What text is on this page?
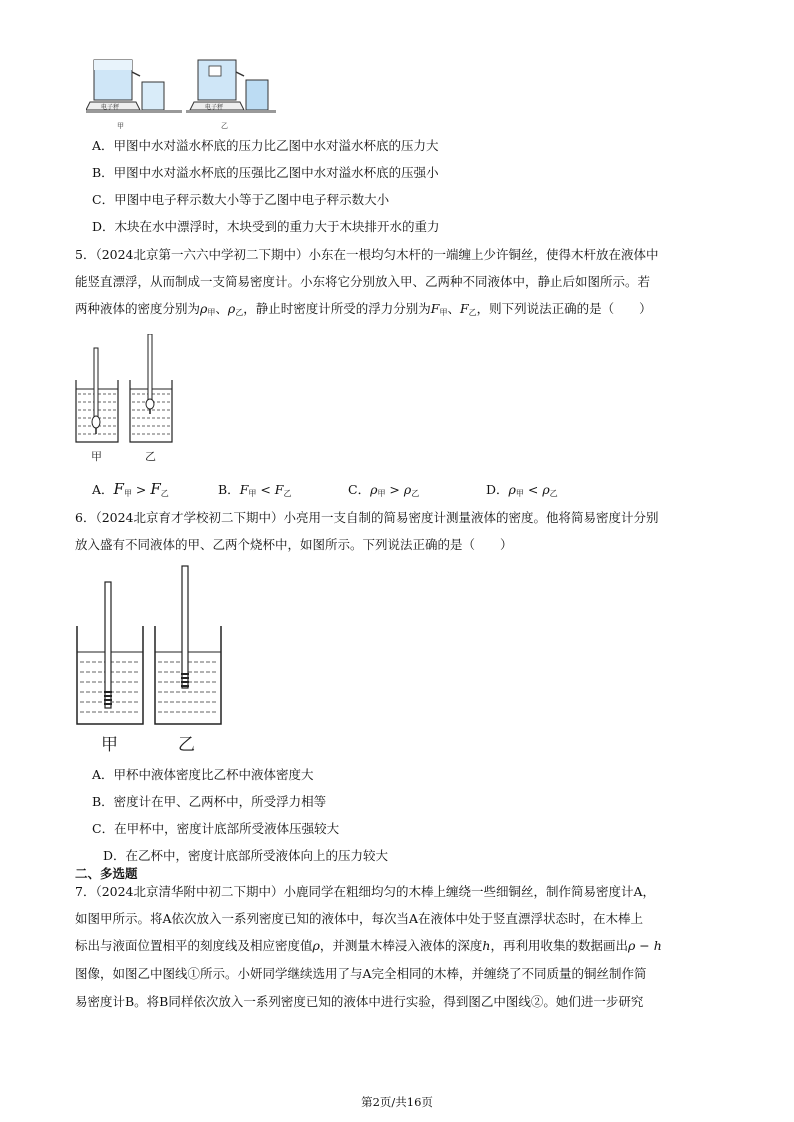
电子秤	电子秤
甲	乙
A．甲图中水对溢水杯底的压力比乙图中水对溢水杯底的压力大
B．甲图中水对溢水杯底的压强比乙图中水对溢水杯底的压强小
C．甲图中电子秤示数大小等于乙图中电子秤示数大小
D．木块在水中漂浮时，木块受到的重力大于木块排开水的重力
5．（2024北京第一六六中学初二下期中）小东在一根均匀木杆的一端缠上少许铜丝，使得木杆放在液体中
能竖直漂浮，从而制成一支简易密度计。小东将它分别放入甲、乙两种不同液体中，静止后如图所示。若
两种液体的密度分别为$\rho_甲$、$\rho_乙$，静止时密度计所受的浮力分别为$F_甲$、$F_乙$，则下列说法正确的是（　　）
甲	乙
A．$F_甲 > F_乙$	B．$F_甲 < F_乙$	C．$\rho_甲 > \rho_乙$	D．$\rho_甲 < \rho_乙$
6．（2024北京育才学校初二下期中）小亮用一支自制的简易密度计测量液体的密度。他将简易密度计分别
放入盛有不同液体的甲、乙两个烧杯中，如图所示。下列说法正确的是（　　）
甲	乙
A．甲杯中液体密度比乙杯中液体密度大
B．密度计在甲、乙两杯中，所受浮力相等
C．在甲杯中，密度计底部所受液体压强较大
D．在乙杯中，密度计底部所受液体向上的压力较大
二、多选题
7．（2024北京清华附中初二下期中）小鹿同学在粗细均匀的木棒上缠绕一些细铜丝，制作简易密度计A，
如图甲所示。将A依次放入一系列密度已知的液体中，每次当A在液体中处于竖直漂浮状态时，在木棒上
标出与液面位置相平的刻度线及相应密度值ρ，并测量木棒浸入液体的深度h，再利用收集的数据画出ρ − h
图像，如图乙中图线①所示。小妍同学继续选用了与A完全相同的木棒，并缠绕了不同质量的铜丝制作简
易密度计B。将B同样依次放入一系列密度已知的液体中进行实验，得到图乙中图线②。她们进一步研究
第2页/共16页
